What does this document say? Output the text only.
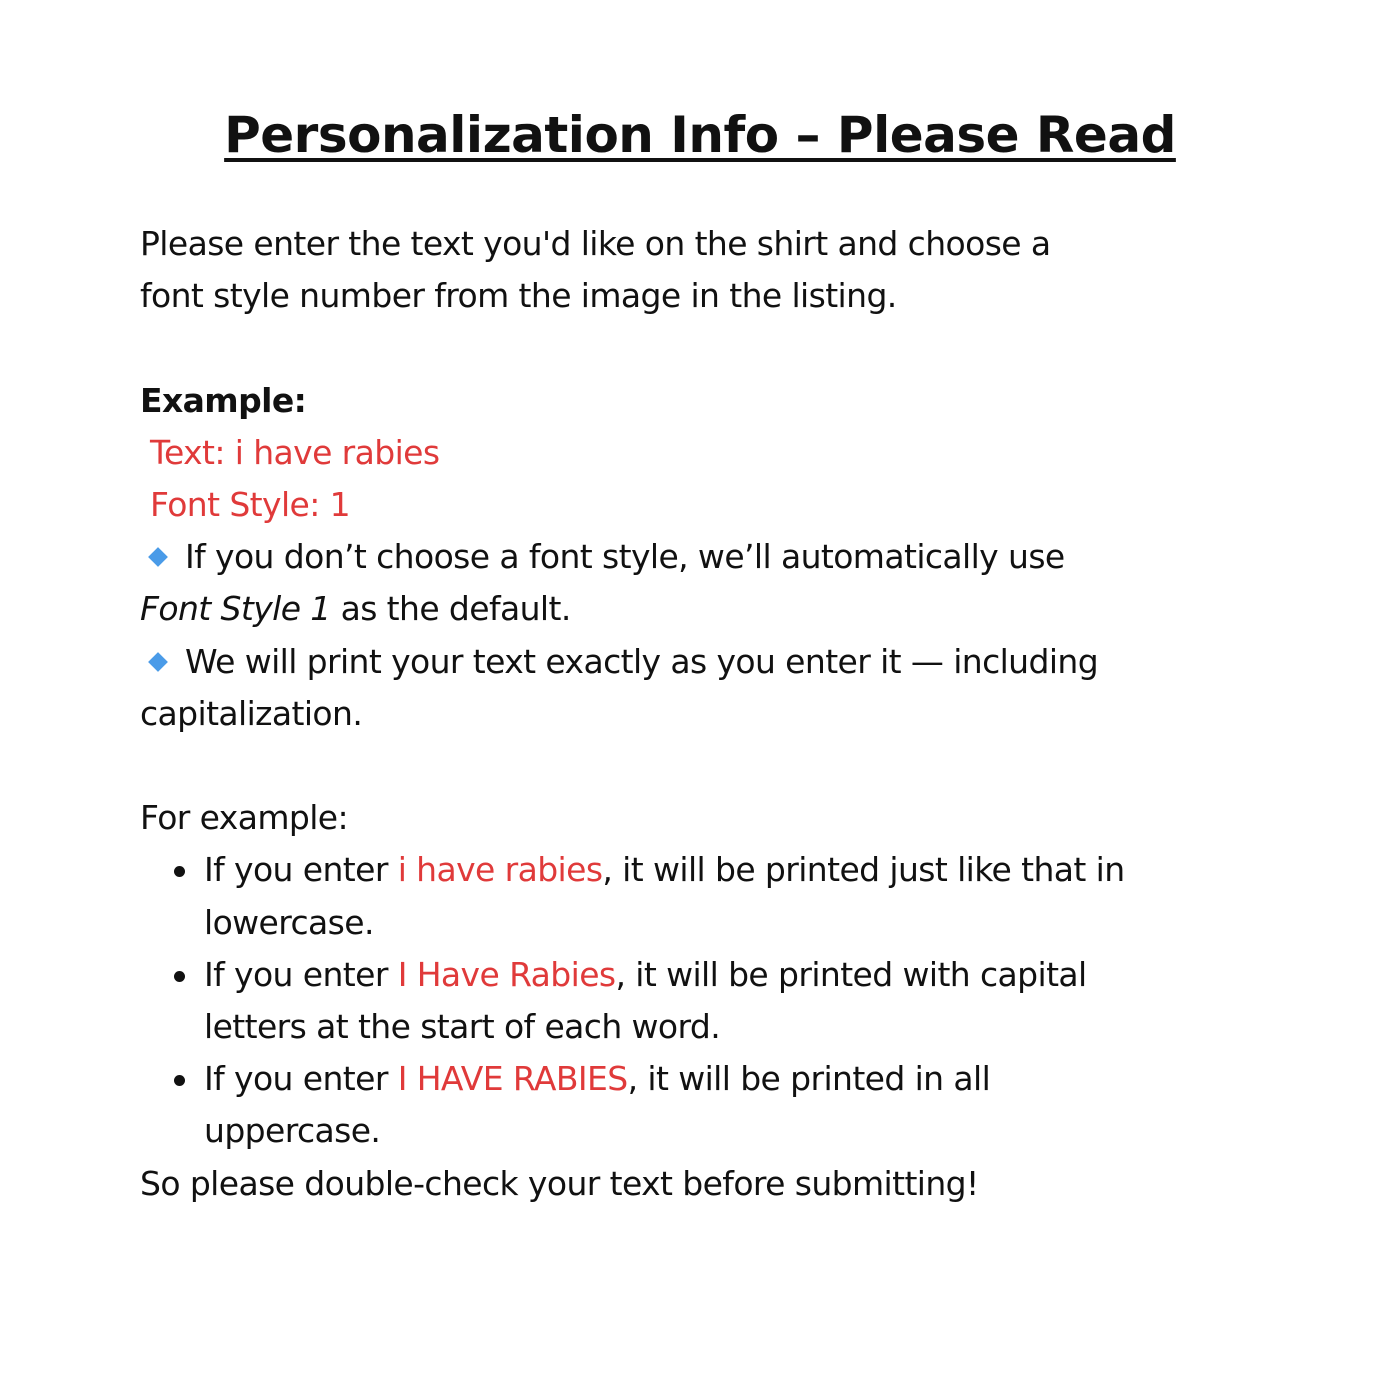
Personalization Info – Please Read
Please enter the text you'd like on the shirt and choose a
font style number from the image in the listing.
Example:
Text: i have rabies
Font Style: 1
If you don’t choose a font style, we’ll automatically use
Font Style 1 as the default.
We will print your text exactly as you enter it — including
capitalization.
For example:
If you enter i have rabies, it will be printed just like that in
lowercase.
If you enter I Have Rabies, it will be printed with capital
letters at the start of each word.
If you enter I HAVE RABIES, it will be printed in all
uppercase.
So please double-check your text before submitting!
